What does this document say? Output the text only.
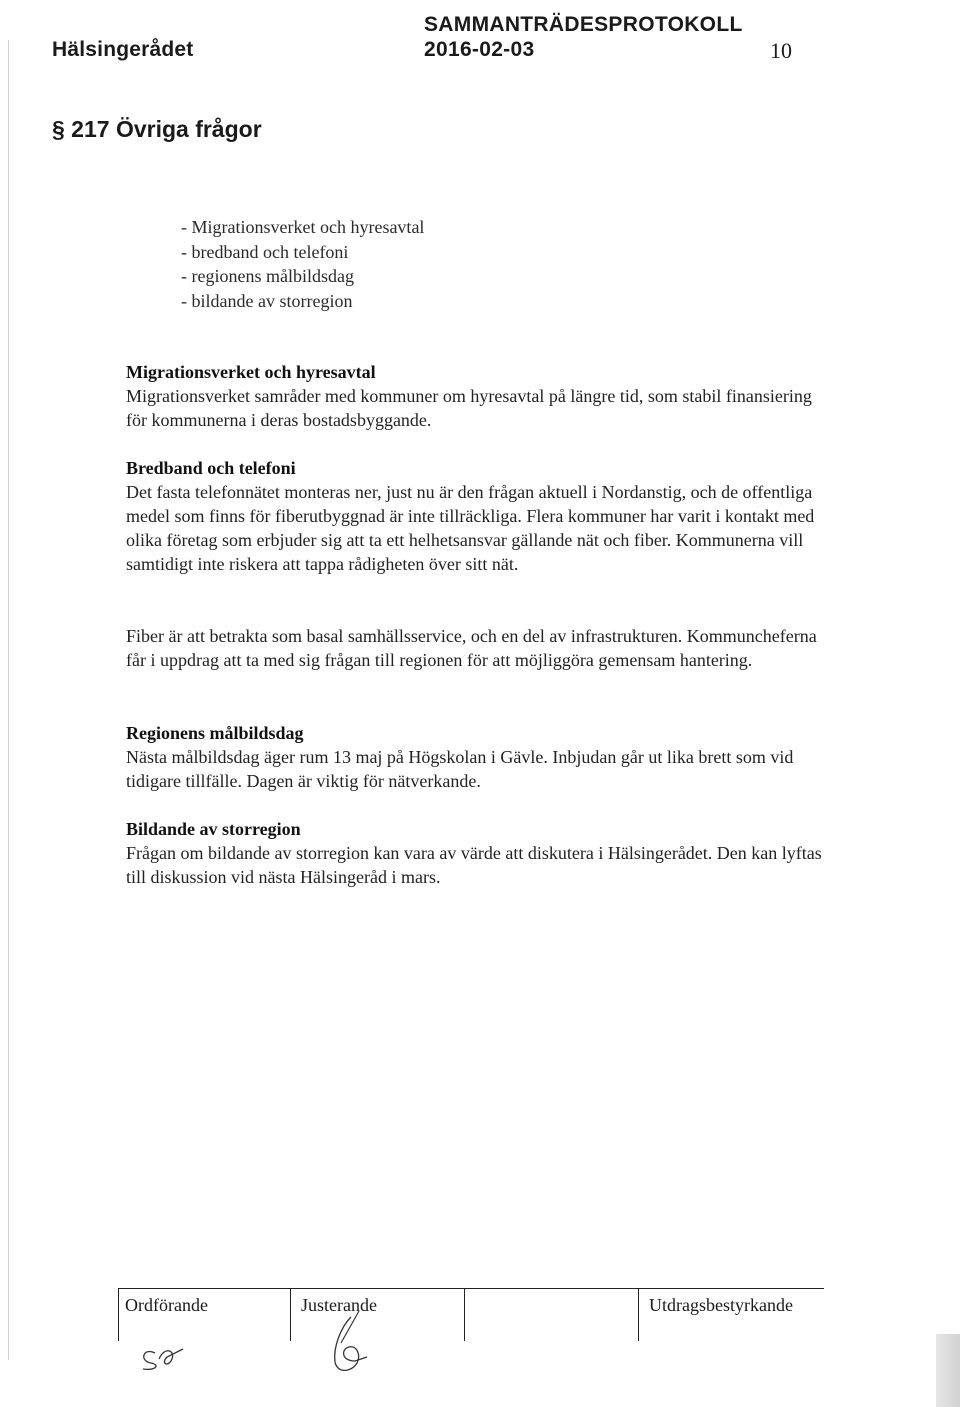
Hälsingerådet
SAMMANTRÄDESPROTOKOLL
2016-02-03	10
§ 217 Övriga frågor
- Migrationsverket och hyresavtal
- bredband och telefoni
- regionens målbildsdag
- bildande av storregion
Migrationsverket och hyresavtal

Migrationsverket samråder med kommuner om hyresavtal på längre tid, som stabil finansiering för kommunerna i deras bostadsbyggande.

Bredband och telefoni

Det fasta telefonnätet monteras ner, just nu är den frågan aktuell i Nordanstig, och de offentliga medel som finns för fiberutbyggnad är inte tillräckliga. Flera kommuner har varit i kontakt med olika företag som erbjuder sig att ta ett helhetsansvar gällande nät och fiber. Kommunerna vill samtidigt inte riskera att tappa rådigheten över sitt nät.

Fiber är att betrakta som basal samhällsservice, och en del av infrastrukturen. Kommuncheferna får i uppdrag att ta med sig frågan till regionen för att möjliggöra gemensam hantering.

Regionens målbildsdag

Nästa målbildsdag äger rum 13 maj på Högskolan i Gävle. Inbjudan går ut lika brett som vid tidigare tillfälle. Dagen är viktig för nätverkande.

Bildande av storregion

Frågan om bildande av storregion kan vara av värde att diskutera i Hälsingerådet. Den kan lyftas till diskussion vid nästa Hälsingeråd i mars.

Ordförande	Justerande	Utdragsbestyrkande
